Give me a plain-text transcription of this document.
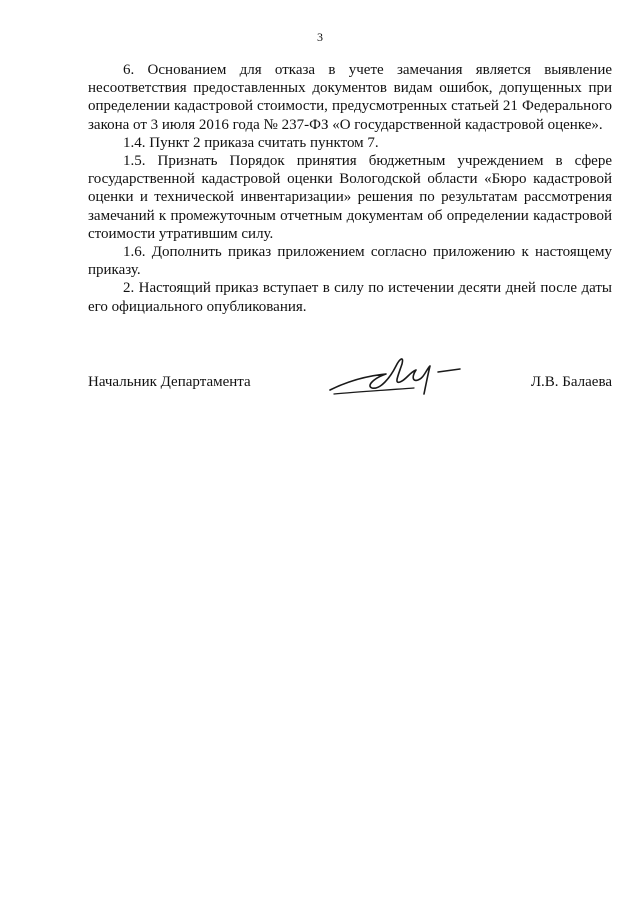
3

6. Основанием для отказа в учете замечания является выявление несоответствия предоставленных документов видам ошибок, допущенных при определении кадастровой стоимости, предусмотренных статьей 21 Федерального закона от 3 июля 2016 года № 237-ФЗ «О государственной кадастровой оценке».

1.4. Пункт 2 приказа считать пунктом 7.

1.5. Признать Порядок принятия бюджетным учреждением в сфере государственной кадастровой оценки Вологодской области «Бюро кадастровой оценки и технической инвентаризации» решения по результатам рассмотрения замечаний к промежуточным отчетным документам об определении кадастровой стоимости утратившим силу.

1.6. Дополнить приказ приложением согласно приложению к настоящему приказу.

2. Настоящий приказ вступает в силу по истечении десяти дней после даты его официального опубликования.

Начальник Департамента	Л.В. Балаева
